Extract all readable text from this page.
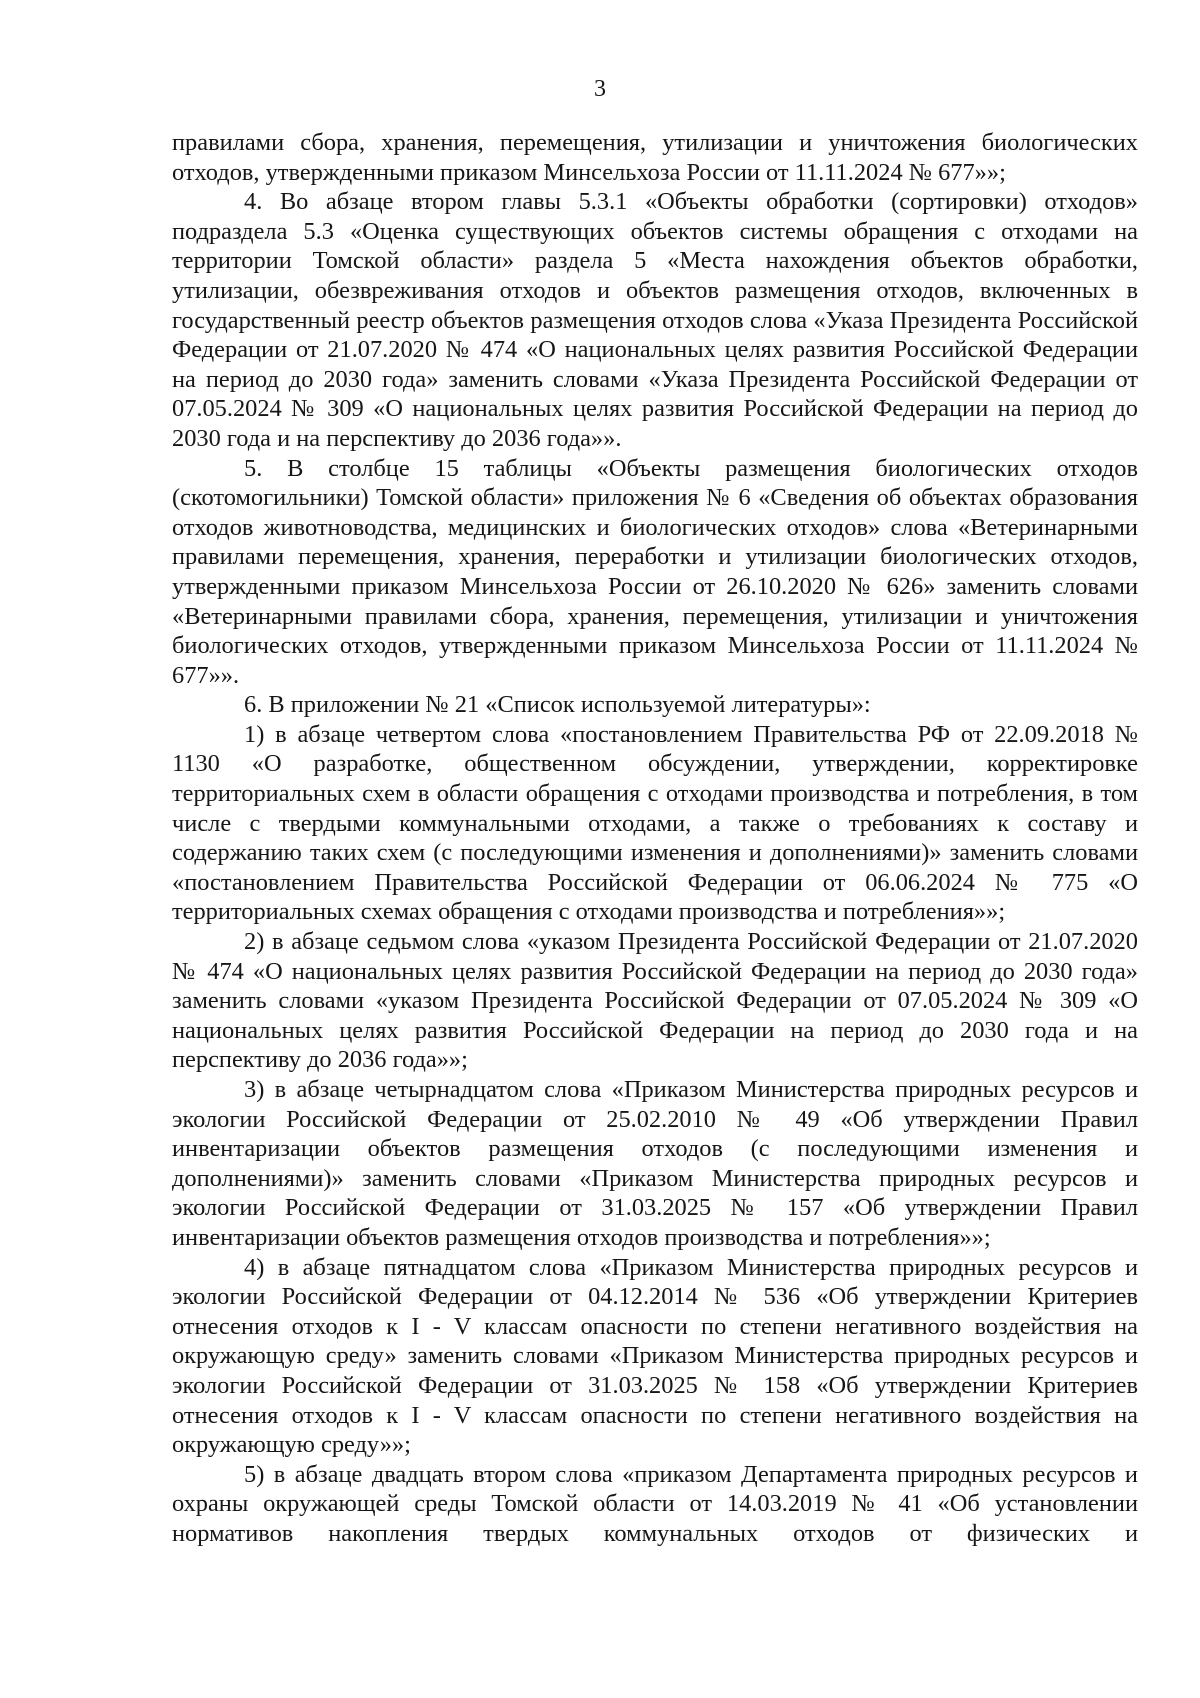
3

правилами сбора, хранения, перемещения, утилизации и уничтожения биологических отходов, утвержденными приказом Минсельхоза России от 11.11.2024 № 677»»;

4. Во абзаце втором главы 5.3.1 «Объекты обработки (сортировки) отходов» подраздела 5.3 «Оценка существующих объектов системы обращения с отходами на территории Томской области» раздела 5 «Места нахождения объектов обработки, утилизации, обезвреживания отходов и объектов размещения отходов, включенных в государственный реестр объектов размещения отходов слова «Указа Президента Российской Федерации от 21.07.2020 № 474 «О национальных целях развития Российской Федерации на период до 2030 года» заменить словами «Указа Президента Российской Федерации от 07.05.2024 № 309 «О национальных целях развития Российской Федерации на период до 2030 года и на перспективу до 2036 года»».

5. В столбце 15 таблицы «Объекты размещения биологических отходов (скотомогильники) Томской области» приложения № 6 «Сведения об объектах образования отходов животноводства, медицинских и биологических отходов» слова «Ветеринарными правилами перемещения, хранения, переработки и утилизации биологических отходов, утвержденными приказом Минсельхоза России от 26.10.2020 № 626» заменить словами «Ветеринарными правилами сбора, хранения, перемещения, утилизации и уничтожения биологических отходов, утвержденными приказом Минсельхоза России от 11.11.2024 № 677»».

6. В приложении № 21 «Список используемой литературы»:

1) в абзаце четвертом слова «постановлением Правительства РФ от 22.09.2018 № 1130 «О разработке, общественном обсуждении, утверждении, корректировке территориальных схем в области обращения с отходами производства и потребления, в том числе с твердыми коммунальными отходами, а также о требованиях к составу и содержанию таких схем (с последующими изменения и дополнениями)» заменить словами «постановлением Правительства Российской Федерации от 06.06.2024 № 775 «О территориальных схемах обращения с отходами производства и потребления»»;

2) в абзаце седьмом слова «указом Президента Российской Федерации от 21.07.2020 № 474 «О национальных целях развития Российской Федерации на период до 2030 года» заменить словами «указом Президента Российской Федерации от 07.05.2024 № 309 «О национальных целях развития Российской Федерации на период до 2030 года и на перспективу до 2036 года»»;

3) в абзаце четырнадцатом слова «Приказом Министерства природных ресурсов и экологии Российской Федерации от 25.02.2010 № 49 «Об утверждении Правил инвентаризации объектов размещения отходов (с последующими изменения и дополнениями)» заменить словами «Приказом Министерства природных ресурсов и экологии Российской Федерации от 31.03.2025 № 157 «Об утверждении Правил инвентаризации объектов размещения отходов производства и потребления»»;

4) в абзаце пятнадцатом слова «Приказом Министерства природных ресурсов и экологии Российской Федерации от 04.12.2014 № 536 «Об утверждении Критериев отнесения отходов к I - V классам опасности по степени негативного воздействия на окружающую среду» заменить словами «Приказом Министерства природных ресурсов и экологии Российской Федерации от 31.03.2025 № 158 «Об утверждении Критериев отнесения отходов к I - V классам опасности по степени негативного воздействия на окружающую среду»»;

5) в абзаце двадцать втором слова «приказом Департамента природных ресурсов и охраны окружающей среды Томской области от 14.03.2019 № 41 «Об установлении нормативов накопления твердых коммунальных отходов от физических и
